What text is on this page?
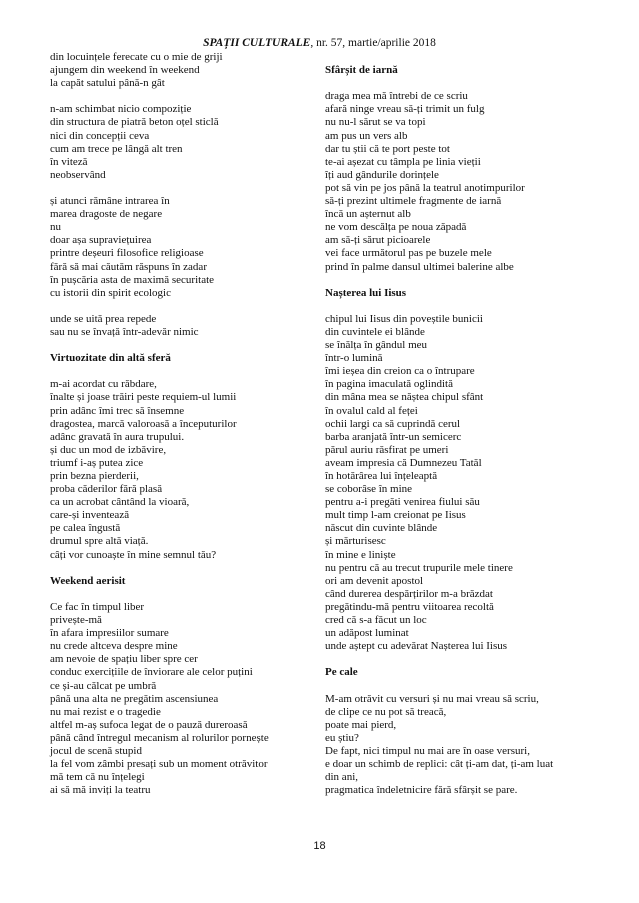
SPAȚII CULTURALE, nr. 57, martie/aprilie 2018
din locuințele ferecate cu o mie de griji
ajungem din weekend în weekend
la capăt satului până-n gât
n-am schimbat nicio compoziție
din structura de piatră beton oțel sticlă
nici din concepții ceva
cum am trece pe lângă alt tren
în viteză
neobservând
și atunci rămâne intrarea în
marea dragoste de negare
nu
doar așa supraviețuirea
printre deșeuri filosofice religioase
fără să mai căutăm răspuns în zadar
în pușcăria asta de maximă securitate
cu istorii din spirit ecologic
unde se uită prea repede
sau nu se învață într-adevăr nimic
Virtuozitate din altă sferă
m-ai acordat cu răbdare,
înalte și joase trăiri peste requiem-ul lumii
prin adânc îmi trec să însemne
dragostea, marcă valoroasă a începuturilor
adânc gravată în aura trupului.
și duc un mod de izbăvire,
triumf i-aș putea zice
prin bezna pierderii,
proba căderilor fără plasă
ca un acrobat cântând la vioară,
care-și inventează
pe calea îngustă
drumul spre altă viață.
câți vor cunoaște în mine semnul tău?
Weekend aerisit
Ce fac în timpul liber
privește-mă
în afara impresiilor sumare
nu crede altceva despre mine
am nevoie de spațiu liber spre cer
conduc exercițiile de înviorare ale celor puțini
ce și-au călcat pe umbră
până una alta ne pregătim ascensiunea
nu mai rezist e o tragedie
altfel m-aș sufoca legat de o pauză dureroasă
până când întregul mecanism al rolurilor pornește
jocul de scenă stupid
la fel vom zâmbi presați sub un moment otrăvitor
mă tem că nu înțelegi
ai să mă inviți la teatru
Sfârșit de iarnă
draga mea mă întrebi de ce scriu
afară ninge vreau să-ți trimit un fulg
nu nu-l sărut se va topi
am pus un vers alb
dar tu știi că te port peste tot
te-ai așezat cu tâmpla pe linia vieții
îți aud gândurile dorințele
pot să vin pe jos până la teatrul anotimpurilor
să-ți prezint ultimele fragmente de iarnă
încă un așternut alb
ne vom descălța pe noua zăpadă
am să-ți sărut picioarele
vei face următorul pas pe buzele mele
prind în palme dansul ultimei balerine albe
Nașterea lui Iisus
chipul lui Iisus din poveștile bunicii
din cuvintele ei blânde
se înălța în gândul meu
într-o lumină
îmi ieșea din creion ca o întrupare
în pagina imaculată oglindită
din mâna mea se năștea chipul sfânt
în ovalul cald al feței
ochii largi ca să cuprindă cerul
barba aranjată într-un semicerc
părul auriu răsfirat pe umeri
aveam impresia că Dumnezeu Tatăl
în hotărârea lui înțeleaptă
se coborâse în mine
pentru a-i pregăti venirea fiului său
mult timp l-am creionat pe Iisus
născut din cuvinte blânde
și mărturisesc
în mine e liniște
nu pentru că au trecut trupurile mele tinere
ori am devenit apostol
când durerea despărțirilor m-a brăzdat
pregătindu-mă pentru viitoarea recoltă
cred că s-a făcut un loc
un adăpost luminat
unde aștept cu adevărat Nașterea lui Iisus
Pe cale
M-am otrăvit cu versuri și nu mai vreau să scriu,
de clipe ce nu pot să treacă,
poate mai pierd,
eu știu?
De fapt, nici timpul nu mai are în oase versuri,
e doar un schimb de replici: cât ți-am dat, ți-am luat
din ani,
pragmatica îndeletnicire fără sfârșit se pare.
18
